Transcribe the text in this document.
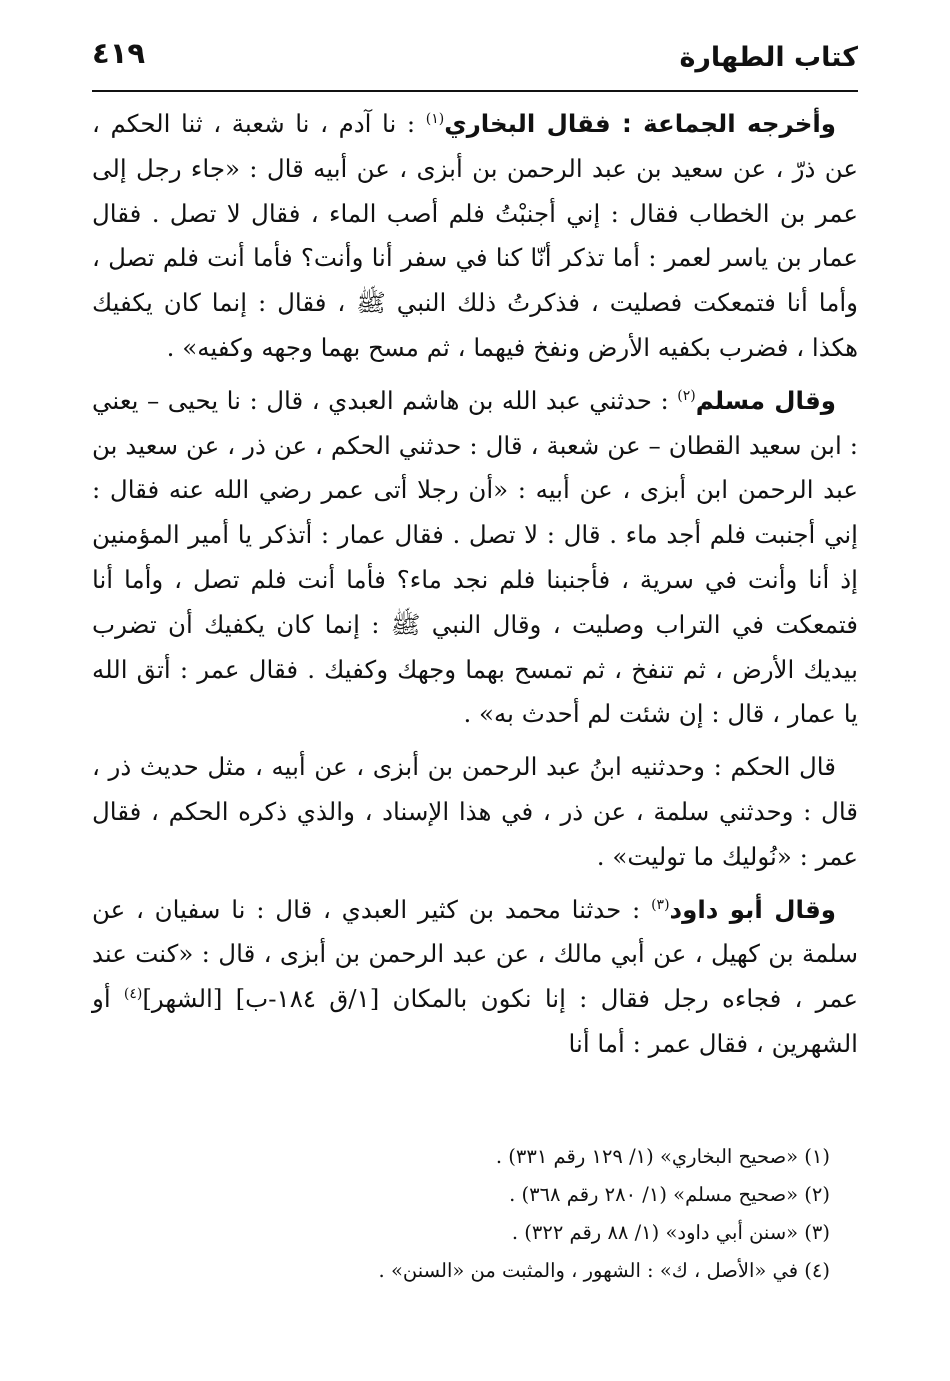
كتاب الطهارة
٤١٩

وأخرجه الجماعة : فقال البخاري$^{(١)}$ : نا آدم ، نا شعبة ، ثنا الحكم ، عن ذرّ ، عن سعيد بن عبد الرحمن بن أبزى ، عن أبيه قال : «جاء رجل إلى عمر بن الخطاب فقال : إني أجنبْتُ فلم أصب الماء ، فقال لا تصل . فقال عمار بن ياسر لعمر : أما تذكر أنّا كنا في سفر أنا وأنت؟ فأما أنت فلم تصل ، وأما أنا فتمعكت فصليت ، فذكرتُ ذلك النبي ﷺ ، فقال : إنما كان يكفيك هكذا ، فضرب بكفيه الأرض ونفخ فيهما ، ثم مسح بهما وجهه وكفيه» .

وقال مسلم$^{(٢)}$ : حدثني عبد الله بن هاشم العبدي ، قال : نا يحيى – يعني : ابن سعيد القطان – عن شعبة ، قال : حدثني الحكم ، عن ذر ، عن سعيد بن عبد الرحمن ابن أبزى ، عن أبيه : «أن رجلا أتى عمر رضي الله عنه فقال : إني أجنبت فلم أجد ماء . قال : لا تصل . فقال عمار : أتذكر يا أمير المؤمنين إذ أنا وأنت في سرية ، فأجنبنا فلم نجد ماء؟ فأما أنت فلم تصل ، وأما أنا فتمعكت في التراب وصليت ، وقال النبي ﷺ : إنما كان يكفيك أن تضرب بيديك الأرض ، ثم تنفخ ، ثم تمسح بهما وجهك وكفيك . فقال عمر : أتق الله يا عمار ، قال : إن شئت لم أحدث به» .

قال الحكم : وحدثنيه ابنُ عبد الرحمن بن أبزى ، عن أبيه ، مثل حديث ذر ، قال : وحدثني سلمة ، عن ذر ، في هذا الإسناد ، والذي ذكره الحكم ، فقال عمر : «نُوليك ما توليت» .

وقال أبو داود$^{(٣)}$ : حدثنا محمد بن كثير العبدي ، قال : نا سفيان ، عن سلمة بن كهيل ، عن أبي مالك ، عن عبد الرحمن بن أبزى ، قال : «كنت عند عمر ، فجاءه رجل فقال : إنا نكون بالمكان [١/ق ١٨٤-ب] [الشهر]$^{(٤)}$ أو الشهرين ، فقال عمر : أما أنا

(١) «صحيح البخاري» (١/ ١٢٩ رقم ٣٣١) .
(٢) «صحيح مسلم» (١/ ٢٨٠ رقم ٣٦٨) .
(٣) «سنن أبي داود» (١/ ٨٨ رقم ٣٢٢) .
(٤) في «الأصل ، ك» : الشهور ، والمثبت من «السنن» .
